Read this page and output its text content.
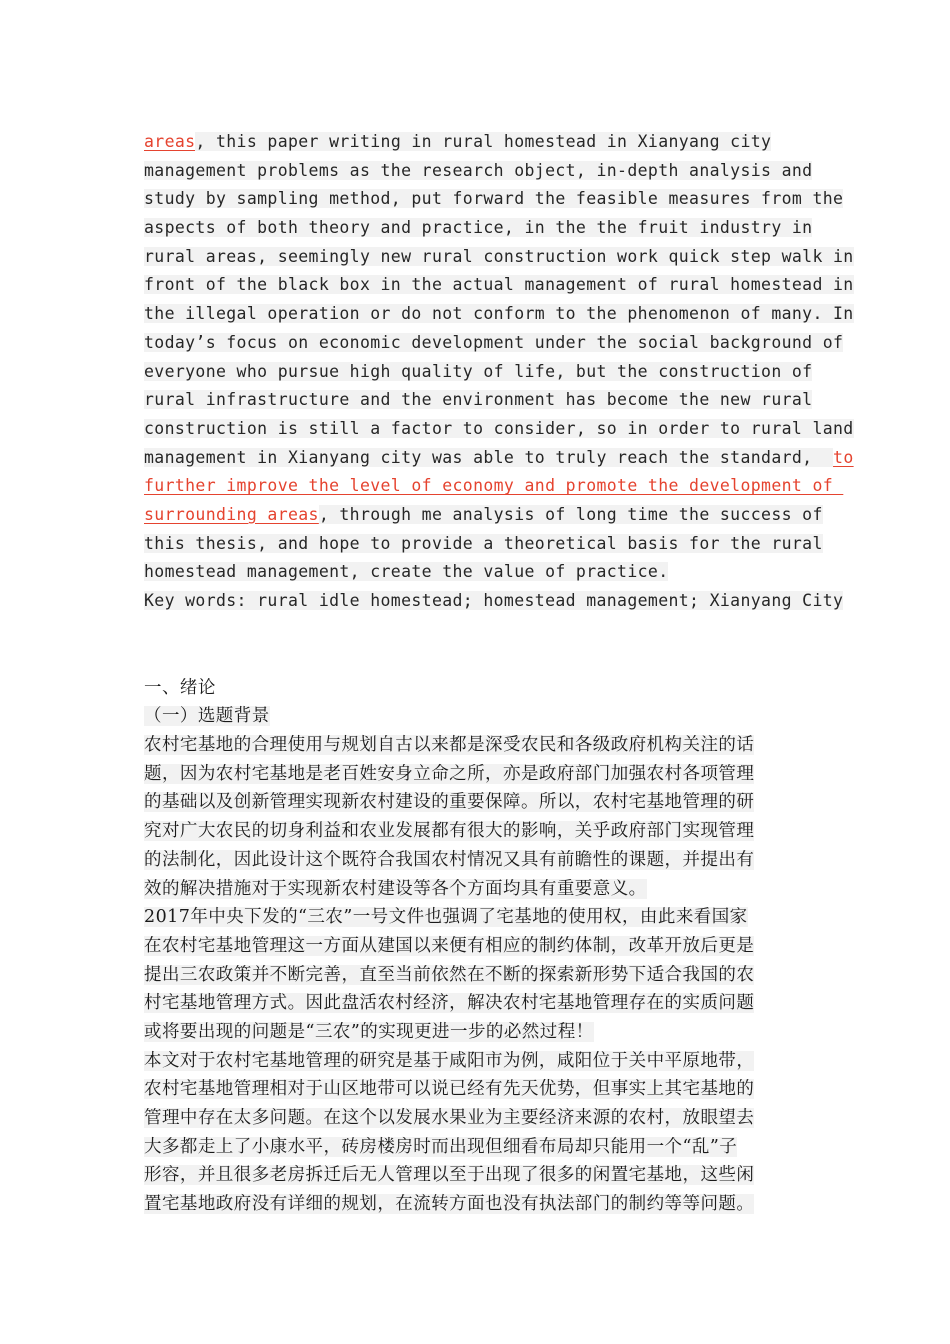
areas, this paper writing in rural homestead in Xianyang city
management problems as the research object, in-depth analysis and
study by sampling method, put forward the feasible measures from the
aspects of both theory and practice, in the the fruit industry in
rural areas, seemingly new rural construction work quick step walk in
front of the black box in the actual management of rural homestead in
the illegal operation or do not conform to the phenomenon of many. In
today’s focus on economic development under the social background of
everyone who pursue high quality of life, but the construction of
rural infrastructure and the environment has become the new rural
construction is still a factor to consider, so in order to rural land
management in Xianyang city was able to truly reach the standard,  to
further improve the level of economy and promote the development of
surrounding areas, through me analysis of long time the success of
this thesis, and hope to provide a theoretical basis for the rural
homestead management, create the value of practice.
Key words: rural idle homestead; homestead management; Xianyang City
一、绪论
（一）选题背景
农村宅基地的合理使用与规划自古以来都是深受农民和各级政府机构关注的话
题，因为农村宅基地是老百姓安身立命之所，亦是政府部门加强农村各项管理
的基础以及创新管理实现新农村建设的重要保障。所以，农村宅基地管理的研
究对广大农民的切身利益和农业发展都有很大的影响，关乎政府部门实现管理
的法制化，因此设计这个既符合我国农村情况又具有前瞻性的课题，并提出有
效的解决措施对于实现新农村建设等各个方面均具有重要意义。
2017年中央下发的“三农”一号文件也强调了宅基地的使用权，由此来看国家
在农村宅基地管理这一方面从建国以来便有相应的制约体制，改革开放后更是
提出三农政策并不断完善，直至当前依然在不断的探索新形势下适合我国的农
村宅基地管理方式。因此盘活农村经济，解决农村宅基地管理存在的实质问题
或将要出现的问题是“三农”的实现更进一步的必然过程！
本文对于农村宅基地管理的研究是基于咸阳市为例，咸阳位于关中平原地带，
农村宅基地管理相对于山区地带可以说已经有先天优势，但事实上其宅基地的
管理中存在太多问题。在这个以发展水果业为主要经济来源的农村，放眼望去
大多都走上了小康水平，砖房楼房时而出现但细看布局却只能用一个“乱”子
形容，并且很多老房拆迁后无人管理以至于出现了很多的闲置宅基地，这些闲
置宅基地政府没有详细的规划，在流转方面也没有执法部门的制约等等问题。
